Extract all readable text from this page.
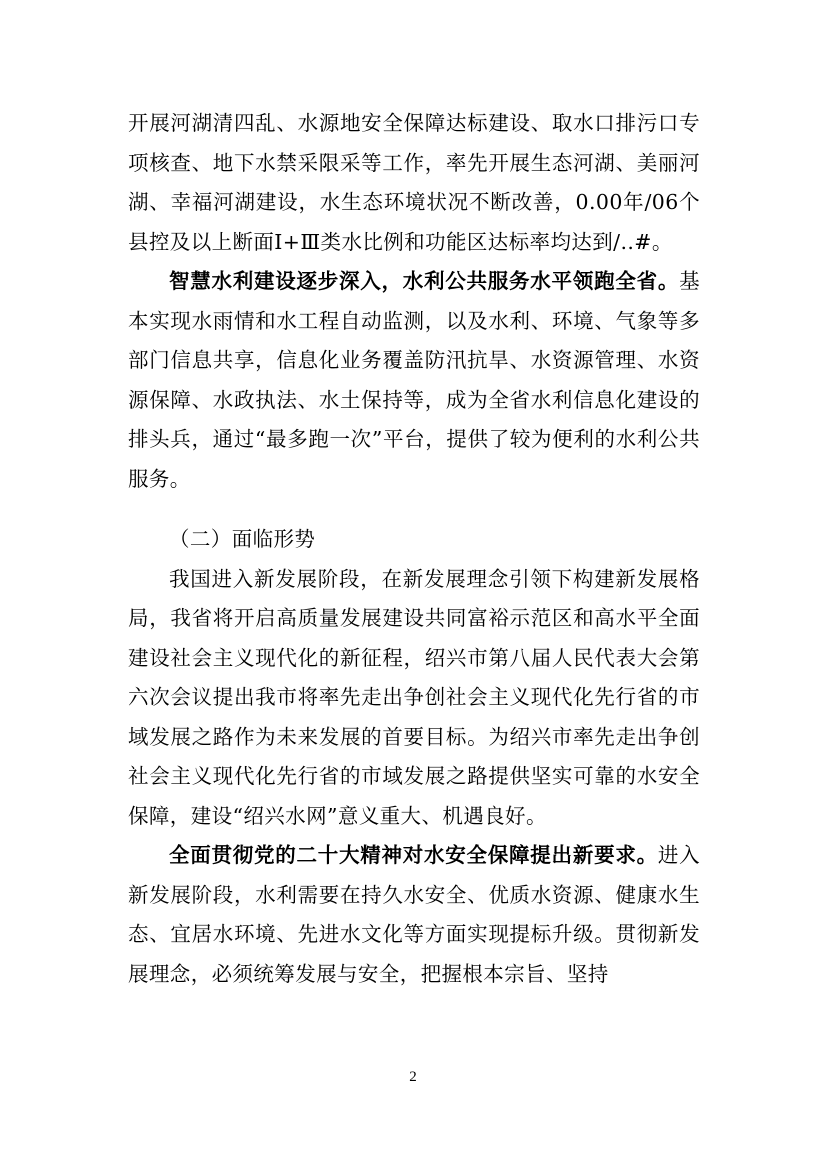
开展河湖清四乱、水源地安全保障达标建设、取水口排污口专项核查、地下水禁采限采等工作，率先开展生态河湖、美丽河湖、幸福河湖建设，水生态环境状况不断改善，0.00年/06个县控及以上断面Ⅰ+Ⅲ类水比例和功能区达标率均达到/..#。

智慧水利建设逐步深入，水利公共服务水平领跑全省。基本实现水雨情和水工程自动监测，以及水利、环境、气象等多部门信息共享，信息化业务覆盖防汛抗旱、水资源管理、水资源保障、水政执法、水土保持等，成为全省水利信息化建设的排头兵，通过“最多跑一次”平台，提供了较为便利的水利公共服务。

（二）面临形势

我国进入新发展阶段，在新发展理念引领下构建新发展格局，我省将开启高质量发展建设共同富裕示范区和高水平全面建设社会主义现代化的新征程，绍兴市第八届人民代表大会第六次会议提出我市将率先走出争创社会主义现代化先行省的市域发展之路作为未来发展的首要目标。为绍兴市率先走出争创社会主义现代化先行省的市域发展之路提供坚实可靠的水安全保障，建设“绍兴水网”意义重大、机遇良好。

全面贯彻党的二十大精神对水安全保障提出新要求。进入新发展阶段，水利需要在持久水安全、优质水资源、健康水生态、宜居水环境、先进水文化等方面实现提标升级。贯彻新发展理念，必须统筹发展与安全，把握根本宗旨、坚持

2
